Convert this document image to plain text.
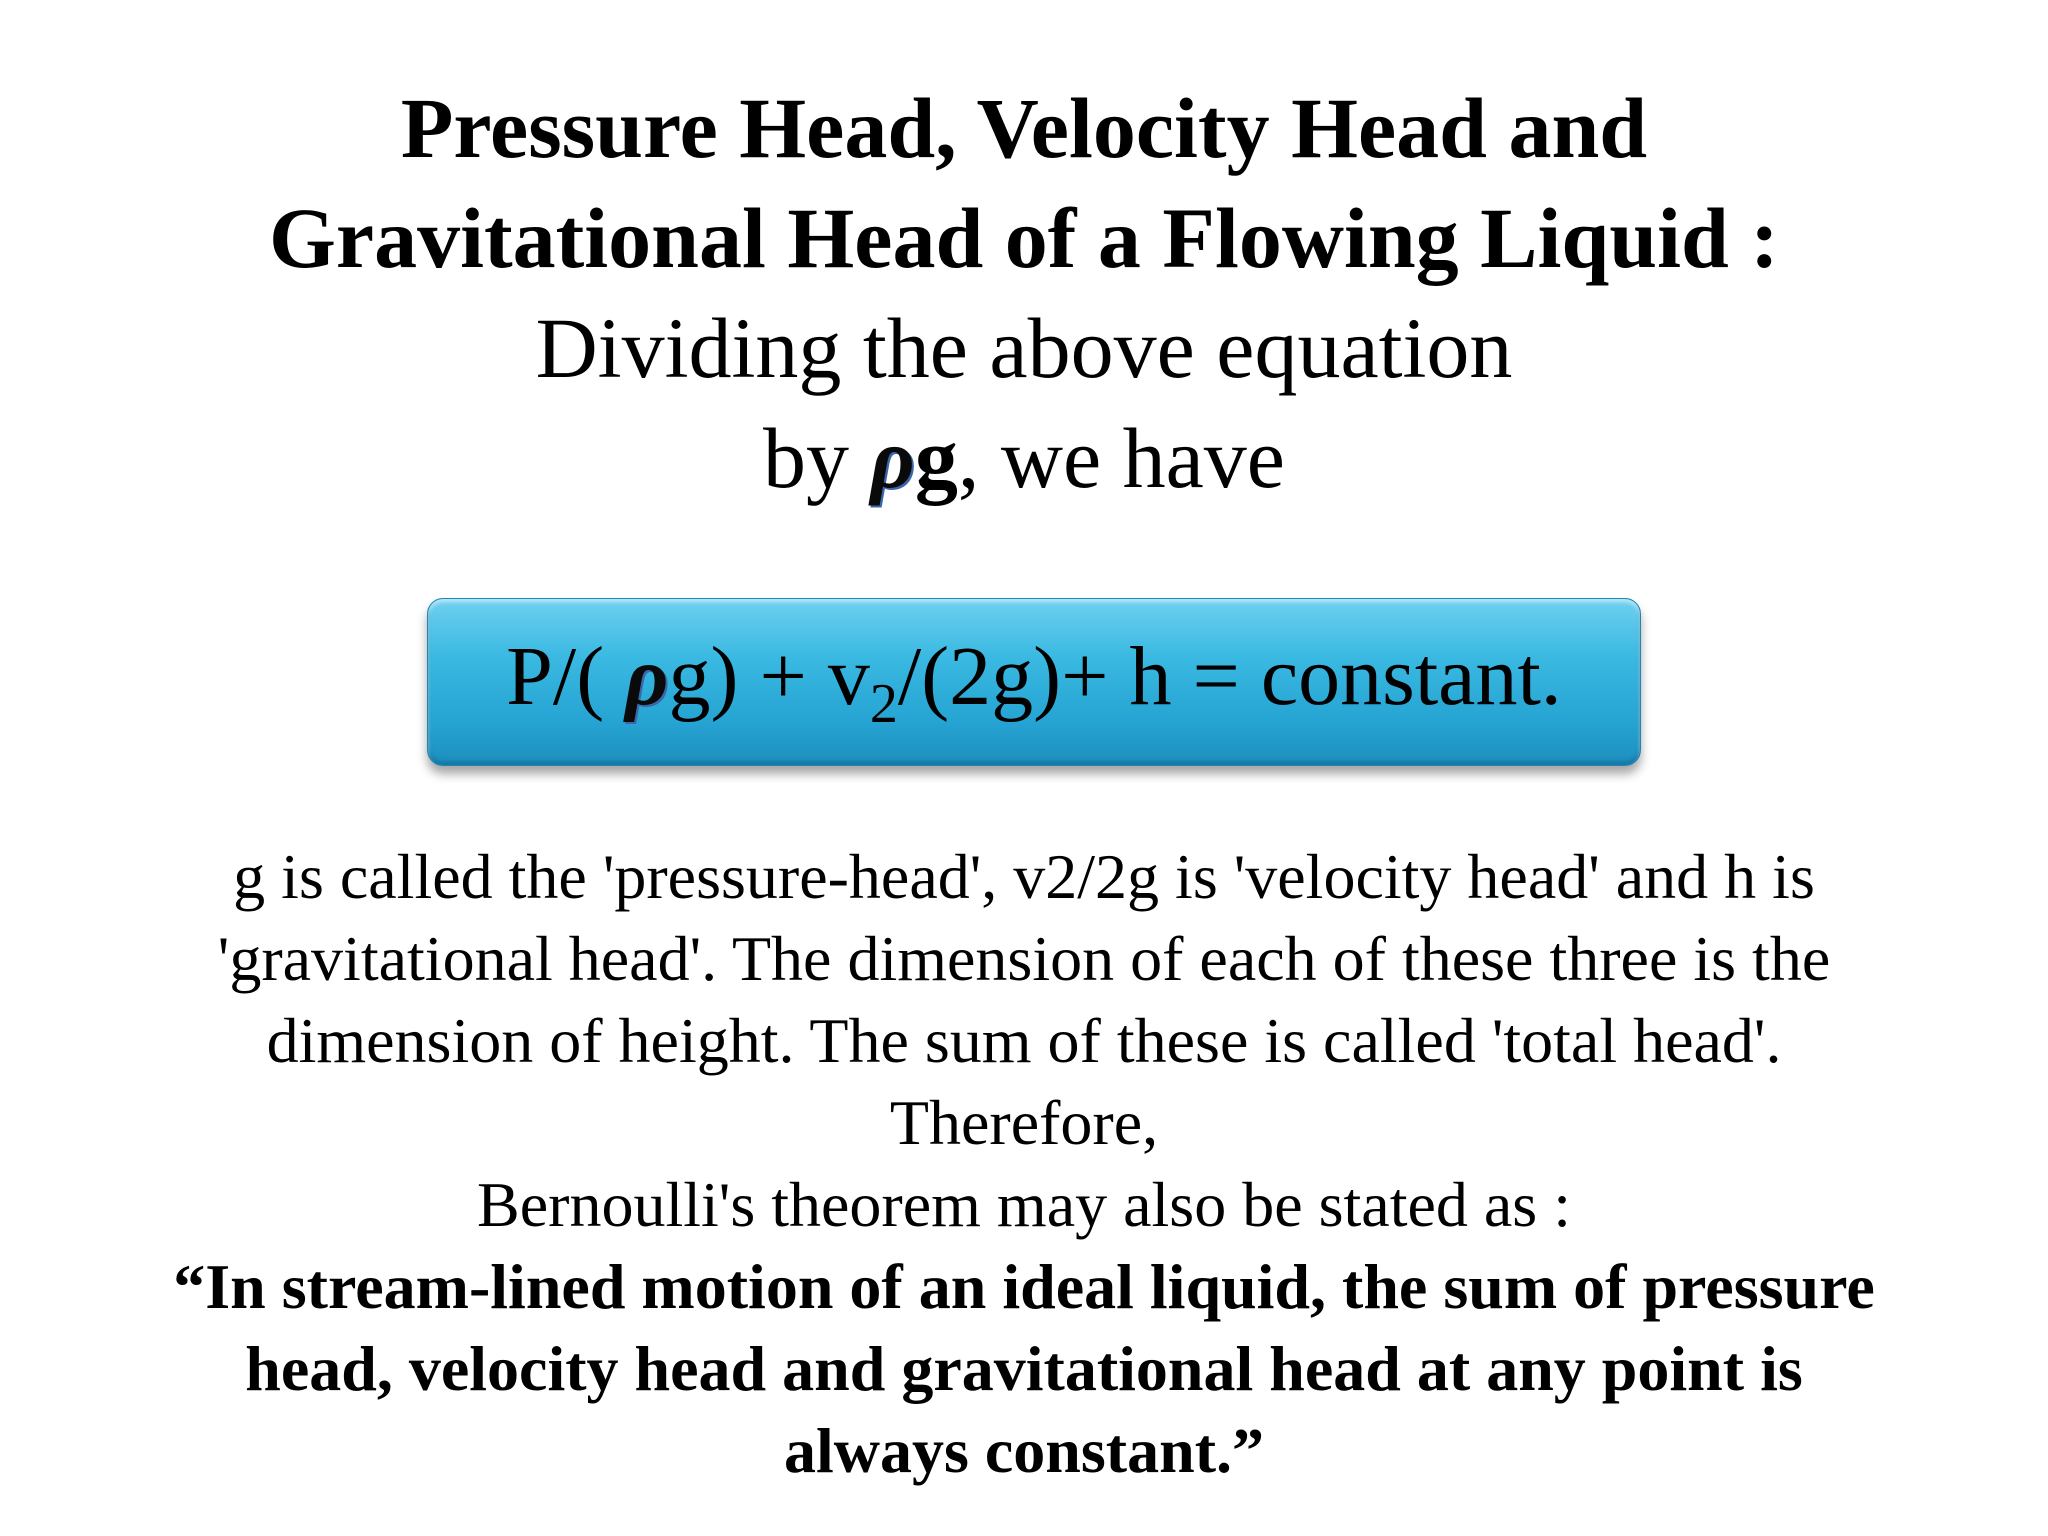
Pressure Head, Velocity Head and
Gravitational Head of a Flowing Liquid :
Dividing the above equation
by ρg, we have
P/( $\rho g) + v_2/(2g)+ h$ = constant.
g is called the 'pressure-head', v2/2g is 'velocity head' and h is
'gravitational head'. The dimension of each of these three is the
dimension of height. The sum of these is called 'total head'.
Therefore,
Bernoulli's theorem may also be stated as :
“In stream-lined motion of an ideal liquid, the sum of pressure
head, velocity head and gravitational head at any point is
always constant.”
